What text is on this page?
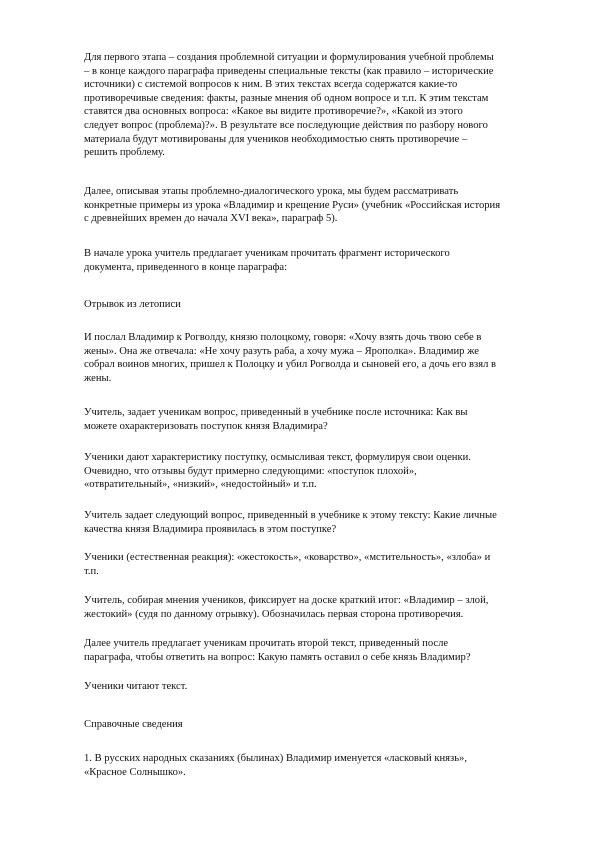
Для первого этапа – создания проблемной ситуации и формулирования учебной проблемы
– в конце каждого параграфа приведены специальные тексты (как правило – исторические
источники) с системой вопросов к ним. В этих текстах всегда содержатся какие-то
противоречивые сведения: факты, разные мнения об одном вопросе и т.п. К этим текстам
ставятся два основных вопроса: «Какое вы видите противоречие?», «Какой из этого
следует вопрос (проблема)?». В результате все последующие действия по разбору нового
материала будут мотивированы для учеников необходимостью снять противоречие –
решить проблему.
Далее, описывая этапы проблемно-диалогического урока, мы будем рассматривать
конкретные примеры из урока «Владимир и крещение Руси» (учебник «Российская история
с древнейших времен до начала XVI века», параграф 5).
В начале урока учитель предлагает ученикам прочитать фрагмент исторического
документа, приведенного в конце параграфа:
Отрывок из летописи
И послал Владимир к Рогволду, князю полоцкому, говоря: «Хочу взять дочь твою себе в
жены». Она же отвечала: «Не хочу разуть раба, а хочу мужа – Ярополка». Владимир же
собрал воинов многих, пришел к Полоцку и убил Рогволда и сыновей его, а дочь его взял в
жены.
Учитель, задает ученикам вопрос, приведенный в учебнике после источника: Как вы
можете охарактеризовать поступок князя Владимира?
Ученики дают характеристику поступку, осмысливая текст, формулируя свои оценки.
Очевидно, что отзывы будут примерно следующими: «поступок плохой»,
«отвратительный», «низкий», «недостойный» и т.п.
Учитель задает следующий вопрос, приведенный в учебнике к этому тексту: Какие личные
качества князя Владимира проявилась в этом поступке?
Ученики (естественная реакция): «жестокость», «коварство», «мстительность», «злоба» и
т.п.
Учитель, собирая мнения учеников, фиксирует на доске краткий итог: «Владимир – злой,
жестокий» (судя по данному отрывку). Обозначилась первая сторона противоречия.
Далее учитель предлагает ученикам прочитать второй текст, приведенный после
параграфа, чтобы ответить на вопрос: Какую память оставил о себе князь Владимир?
Ученики читают текст.
Справочные сведения
1. В русских народных сказаниях (былинах) Владимир именуется «ласковый князь»,
«Красное Солнышко».
